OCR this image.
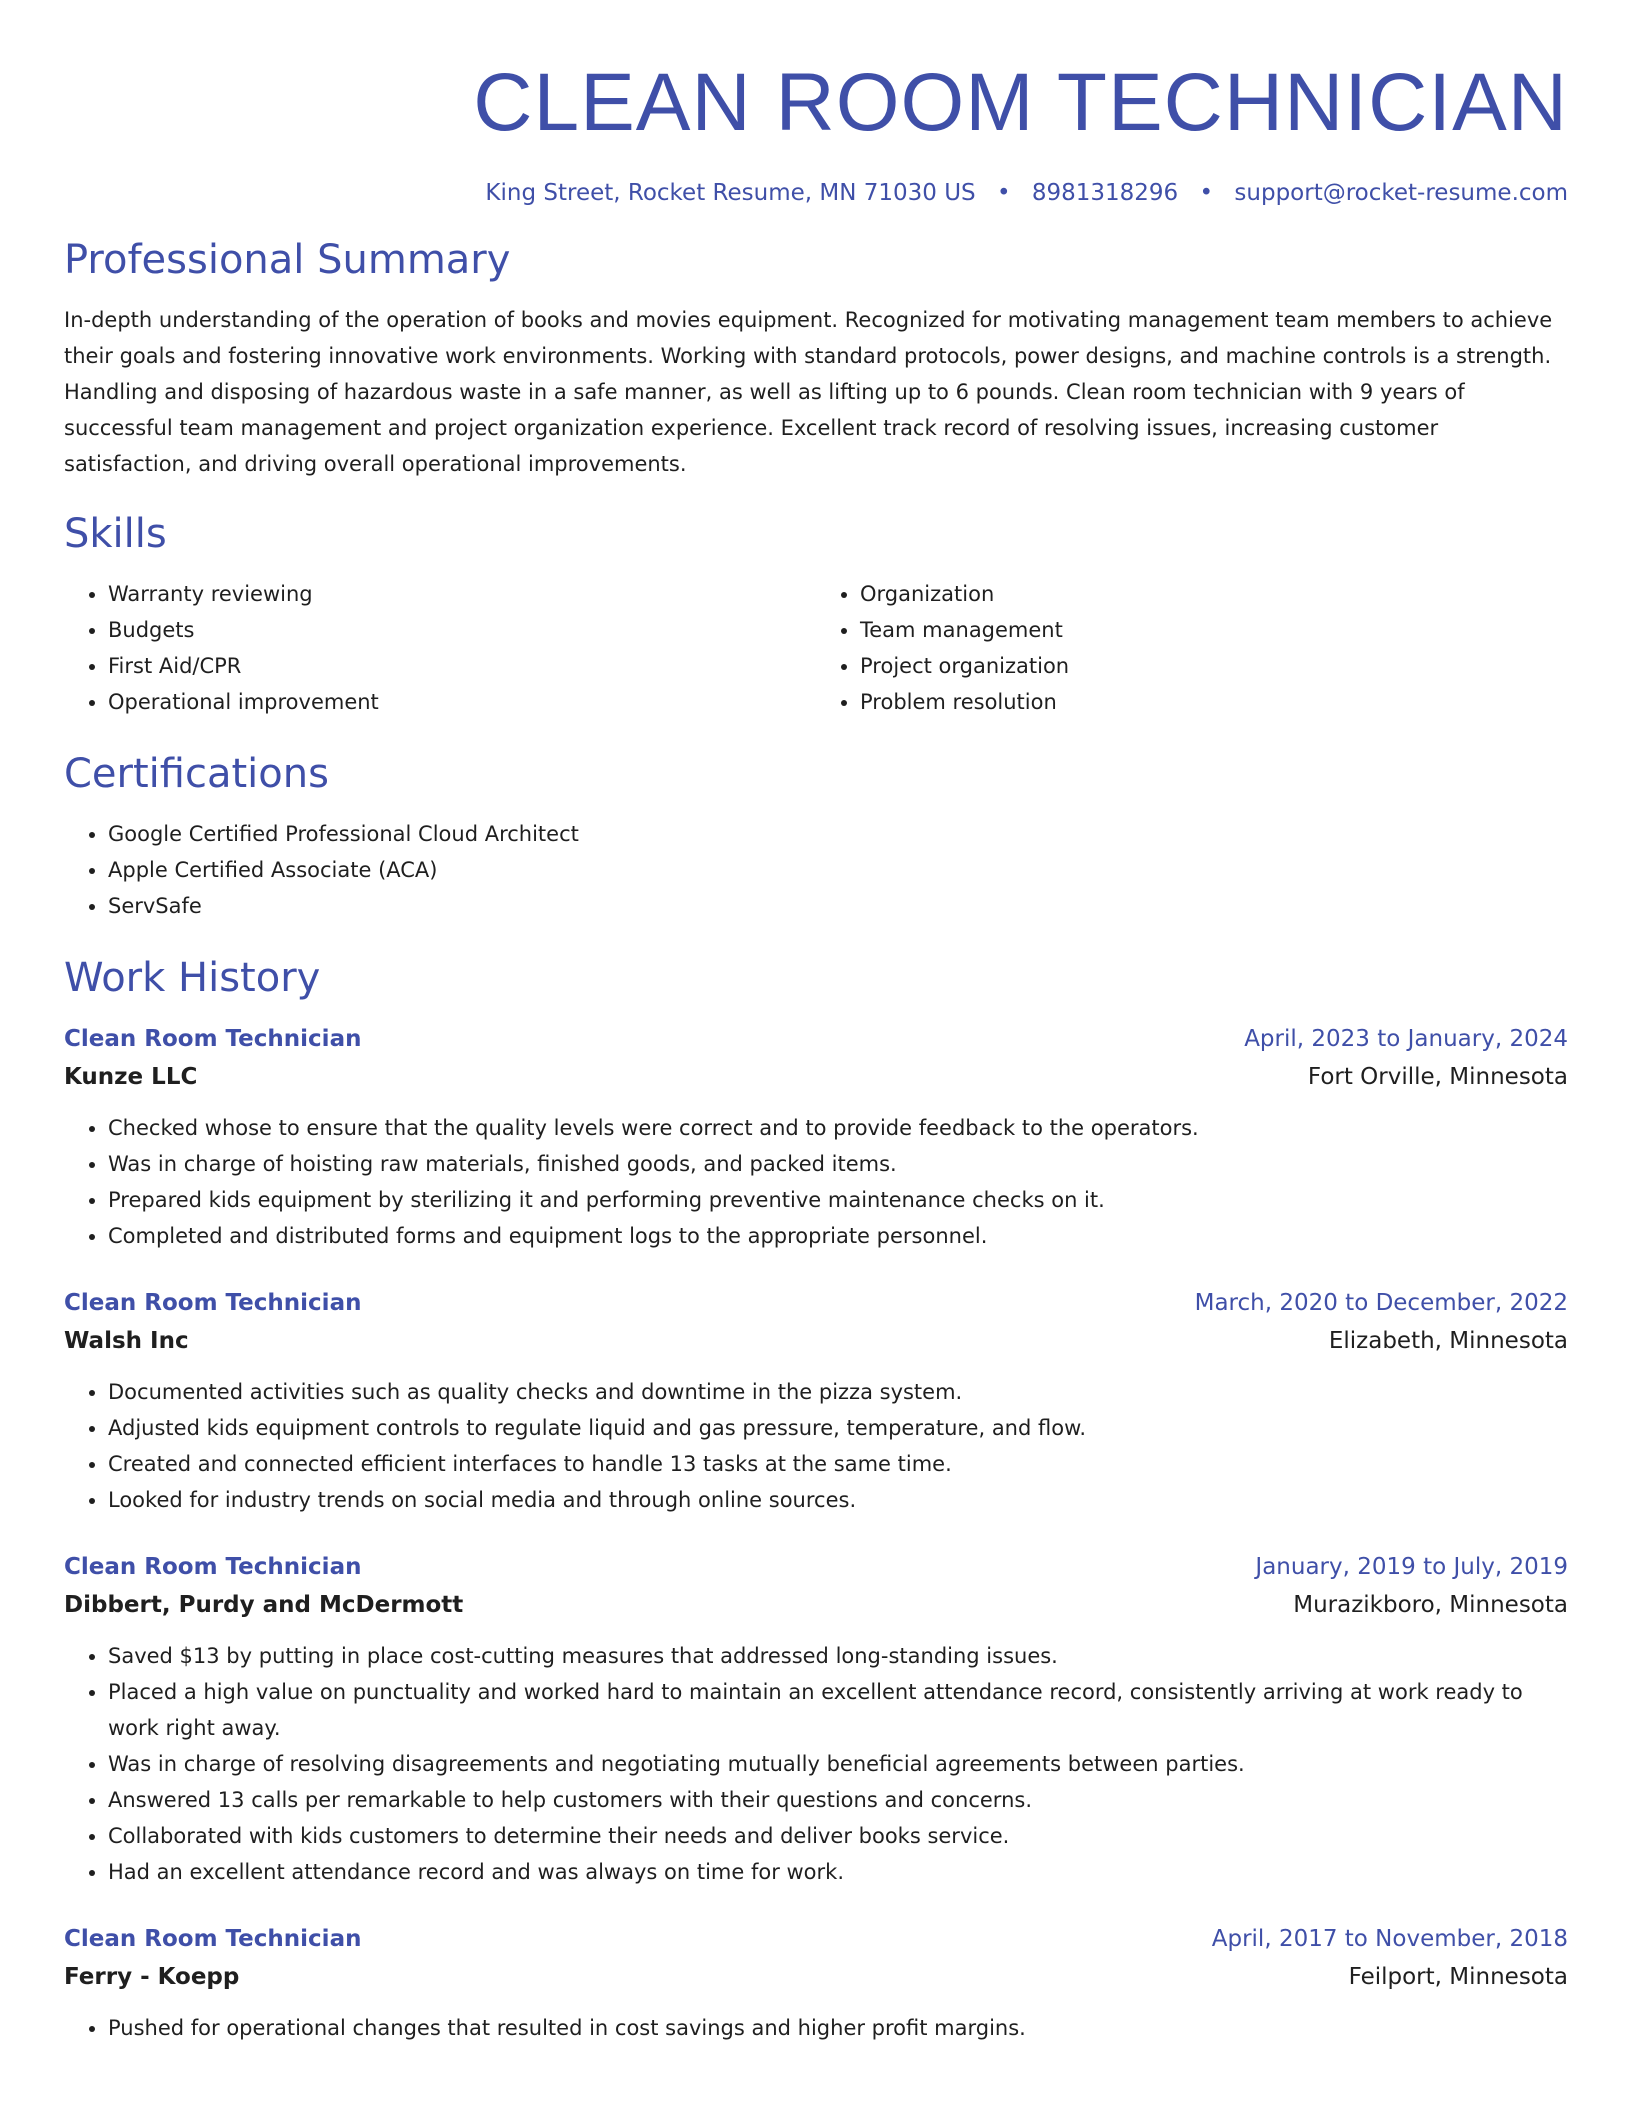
CLEAN ROOM TECHNICIAN
King Street, Rocket Resume, MN 71030 US • 8981318296 • support@rocket-resume.com
Professional Summary

In-depth understanding of the operation of books and movies equipment. Recognized for motivating management team members to achieve their goals and fostering innovative work environments. Working with standard protocols, power designs, and machine controls is a strength. Handling and disposing of hazardous waste in a safe manner, as well as lifting up to 6 pounds. Clean room technician with 9 years of successful team management and project organization experience. Excellent track record of resolving issues, increasing customer satisfaction, and driving overall operational improvements.

Skills
• Warranty reviewing
• Budgets
• First Aid/CPR
• Operational improvement
• Organization
• Team management
• Project organization
• Problem resolution
Certifications
• Google Certified Professional Cloud Architect
• Apple Certified Associate (ACA)
• ServSafe
Work History
Clean Room Technician	April, 2023 to January, 2024
Kunze LLC	Fort Orville, Minnesota
• Checked whose to ensure that the quality levels were correct and to provide feedback to the operators.
• Was in charge of hoisting raw materials, finished goods, and packed items.
• Prepared kids equipment by sterilizing it and performing preventive maintenance checks on it.
• Completed and distributed forms and equipment logs to the appropriate personnel.
Clean Room Technician	March, 2020 to December, 2022
Walsh Inc	Elizabeth, Minnesota
• Documented activities such as quality checks and downtime in the pizza system.
• Adjusted kids equipment controls to regulate liquid and gas pressure, temperature, and flow.
• Created and connected efficient interfaces to handle 13 tasks at the same time.
• Looked for industry trends on social media and through online sources.
Clean Room Technician	January, 2019 to July, 2019
Dibbert, Purdy and McDermott	Murazikboro, Minnesota
• Saved $13 by putting in place cost-cutting measures that addressed long-standing issues.
• Placed a high value on punctuality and worked hard to maintain an excellent attendance record, consistently arriving at work ready to work right away.
• Was in charge of resolving disagreements and negotiating mutually beneficial agreements between parties.
• Answered 13 calls per remarkable to help customers with their questions and concerns.
• Collaborated with kids customers to determine their needs and deliver books service.
• Had an excellent attendance record and was always on time for work.
Clean Room Technician	April, 2017 to November, 2018
Ferry - Koepp	Feilport, Minnesota
• Pushed for operational changes that resulted in cost savings and higher profit margins.
